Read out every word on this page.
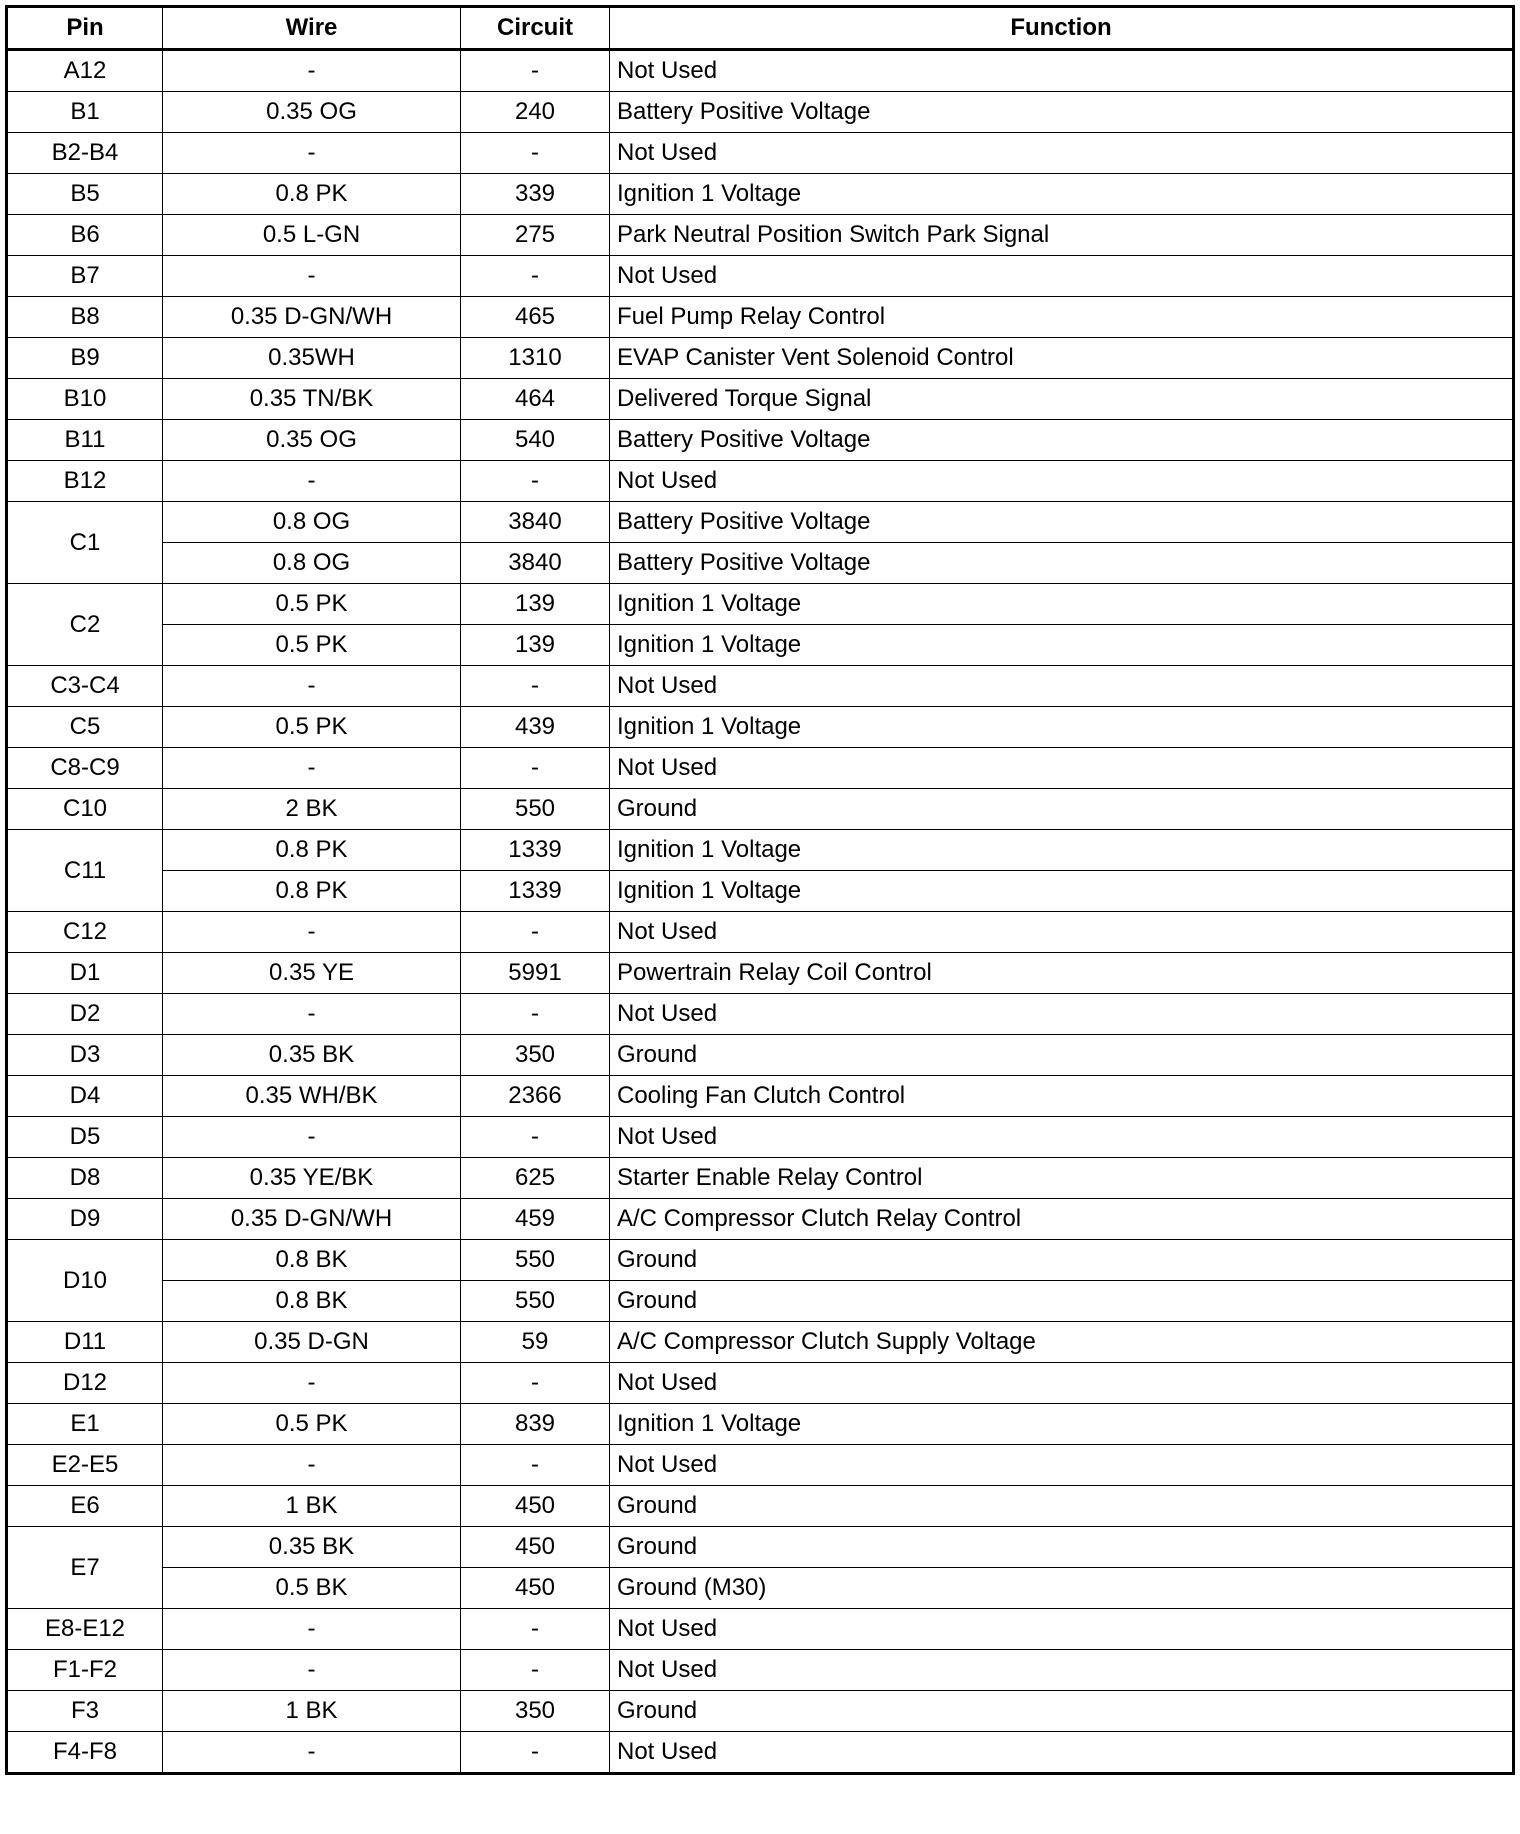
Pin	Wire	Circuit	Function
A12	-	-	Not Used
B1	0.35 OG	240	Battery Positive Voltage
B2-B4	-	-	Not Used
B5	0.8 PK	339	Ignition 1 Voltage
B6	0.5 L-GN	275	Park Neutral Position Switch Park Signal
B7	-	-	Not Used
B8	0.35 D-GN/WH	465	Fuel Pump Relay Control
B9	0.35WH	1310	EVAP Canister Vent Solenoid Control
B10	0.35 TN/BK	464	Delivered Torque Signal
B11	0.35 OG	540	Battery Positive Voltage
B12	-	-	Not Used
C1	0.8 OG	3840	Battery Positive Voltage
	0.8 OG	3840	Battery Positive Voltage
C2	0.5 PK	139	Ignition 1 Voltage
	0.5 PK	139	Ignition 1 Voltage
C3-C4	-	-	Not Used
C5	0.5 PK	439	Ignition 1 Voltage
C8-C9	-	-	Not Used
C10	2 BK	550	Ground
C11	0.8 PK	1339	Ignition 1 Voltage
	0.8 PK	1339	Ignition 1 Voltage
C12	-	-	Not Used
D1	0.35 YE	5991	Powertrain Relay Coil Control
D2	-	-	Not Used
D3	0.35 BK	350	Ground
D4	0.35 WH/BK	2366	Cooling Fan Clutch Control
D5	-	-	Not Used
D8	0.35 YE/BK	625	Starter Enable Relay Control
D9	0.35 D-GN/WH	459	A/C Compressor Clutch Relay Control
D10	0.8 BK	550	Ground
	0.8 BK	550	Ground
D11	0.35 D-GN	59	A/C Compressor Clutch Supply Voltage
D12	-	-	Not Used
E1	0.5 PK	839	Ignition 1 Voltage
E2-E5	-	-	Not Used
E6	1 BK	450	Ground
E7	0.35 BK	450	Ground
	0.5 BK	450	Ground (M30)
E8-E12	-	-	Not Used
F1-F2	-	-	Not Used
F3	1 BK	350	Ground
F4-F8	-	-	Not Used
